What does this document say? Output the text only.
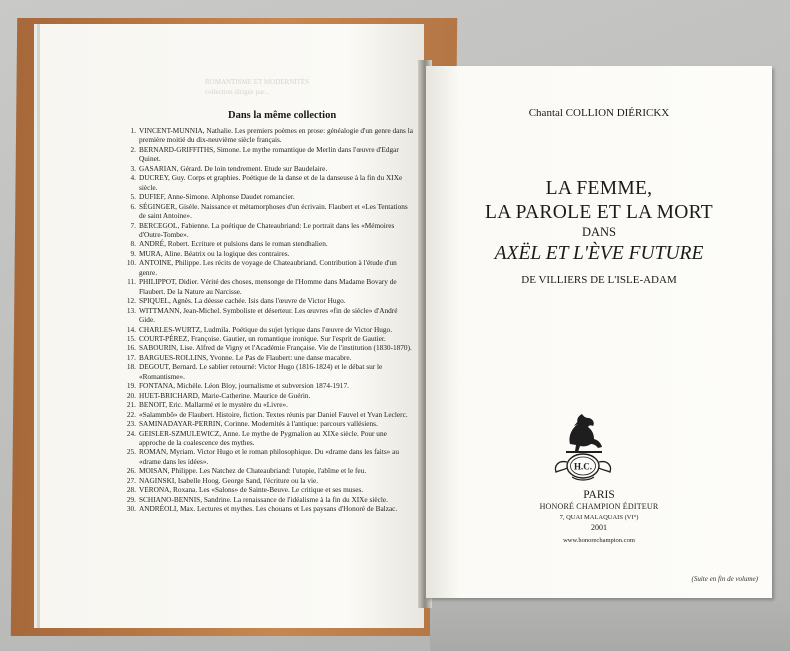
ROMANTISME ET MODERNITÉS
collection dirigée par...
Dans la même collection
1. VINCENT-MUNNIA, Nathalie. Les premiers poèmes en prose: généalogie d'un genre dans la première moitié du dix-neuvième siècle français.
2. BERNARD-GRIFFITHS, Simone. Le mythe romantique de Merlin dans l'œuvre d'Edgar Quinet.
3. GASARIAN, Gérard. De loin tendrement. Etude sur Baudelaire.
4. DUCREY, Guy. Corps et graphies. Poétique de la danse et de la danseuse à la fin du XIXe siècle.
5. DUFIEF, Anne-Simone. Alphonse Daudet romancier.
6. SÉGINGER, Gisèle. Naissance et métamorphoses d'un écrivain. Flaubert et «Les Tentations de saint Antoine».
7. BERCEGOL, Fabienne. La poétique de Chateaubriand: Le portrait dans les «Mémoires d'Outre-Tombe».
8. ANDRÉ, Robert. Ecriture et pulsions dans le roman stendhalien.
9. MURA, Aline. Béatrix ou la logique des contraires.
10. ANTOINE, Philippe. Les récits de voyage de Chateaubriand. Contribution à l'étude d'un genre.
11. PHILIPPOT, Didier. Vérité des choses, mensonge de l'Homme dans Madame Bovary de Flaubert. De la Nature au Narcisse.
12. SPIQUEL, Agnès. La déesse cachée. Isis dans l'œuvre de Victor Hugo.
13. WITTMANN, Jean-Michel. Symboliste et déserteur. Les œuvres «fin de siècle» d'André Gide.
14. CHARLES-WURTZ, Ludmila. Poétique du sujet lyrique dans l'œuvre de Victor Hugo.
15. COURT-PÉREZ, Françoise. Gautier, un romantique ironique. Sur l'esprit de Gautier.
16. SABOURIN, Lise. Alfred de Vigny et l'Académie Française. Vie de l'institution (1830-1870).
17. BARGUES-ROLLINS, Yvonne. Le Pas de Flaubert: une danse macabre.
18. DEGOUT, Bernard. Le sablier retourné: Victor Hugo (1816-1824) et le débat sur le «Romantisme».
19. FONTANA, Michèle. Léon Bloy, journalisme et subversion 1874-1917.
20. HUET-BRICHARD, Marie-Catherine. Maurice de Guérin.
21. BENOIT, Eric. Mallarmé et le mystère du «Livre».
22. «Salammbô» de Flaubert. Histoire, fiction. Textes réunis par Daniel Fauvel et Yvan Leclerc.
23. SAMINADAYAR-PERRIN, Corinne. Modernités à l'antique: parcours vallésiens.
24. GEISLER-SZMULEWICZ, Anne. Le mythe de Pygmalion au XIXe siècle. Pour une approche de la coalescence des mythes.
25. ROMAN, Myriam. Victor Hugo et le roman philosophique. Du «drame dans les faits» au «drame dans les idées».
26. MOISAN, Philippe. Les Natchez de Chateaubriand: l'utopie, l'abîme et le feu.
27. NAGINSKI, Isabelle Hoog. George Sand, l'écriture ou la vie.
28. VERONA, Roxana. Les «Salons» de Sainte-Beuve. Le critique et ses muses.
29. SCHIANO-BENNIS, Sandrine. La renaissance de l'idéalisme à la fin du XIXe siècle.
30. ANDRÉOLI, Max. Lectures et mythes. Les chouans et Les paysans d'Honoré de Balzac.
(Suite en fin de volume)
Chantal COLLION DIÉRICKX
LA FEMME,
LA PAROLE ET LA MORT
DANS
AXËL ET L'ÈVE FUTURE
DE VILLIERS DE L'ISLE-ADAM
H.C.
PARIS
HONORÉ CHAMPION ÉDITEUR
7, QUAI MALAQUAIS (VI°)
2001
www.honorechampion.com
